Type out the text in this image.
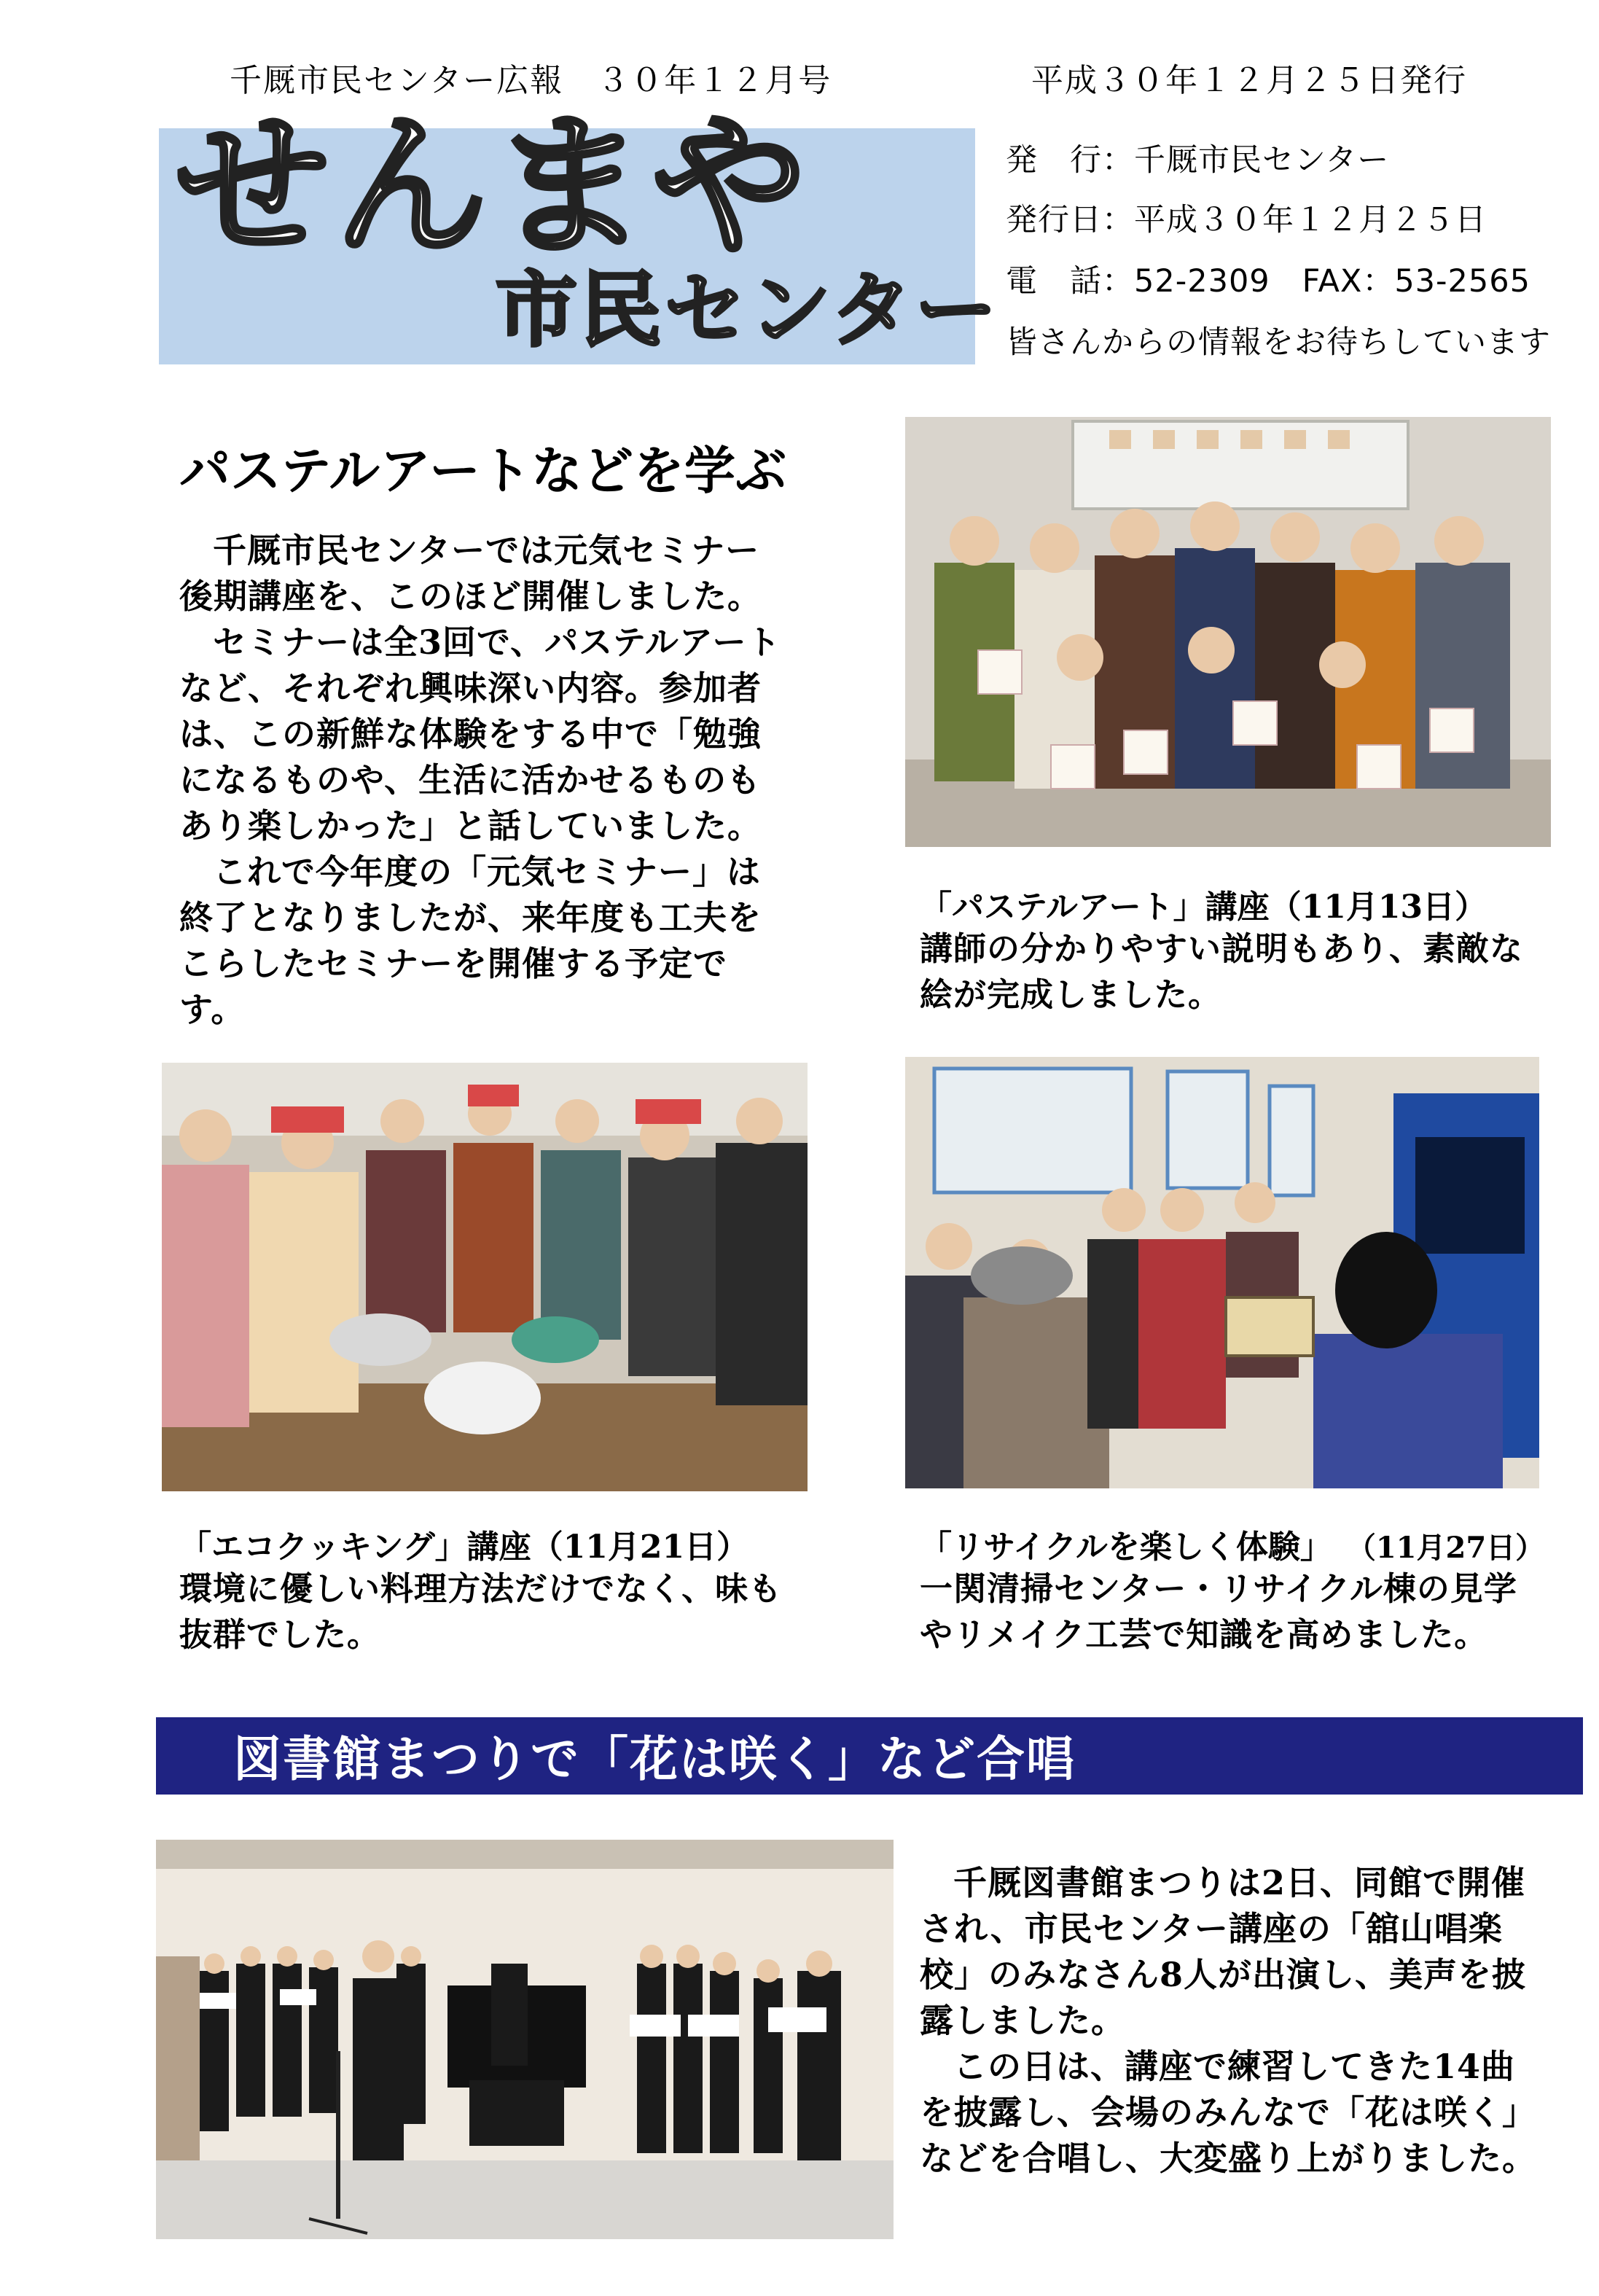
千厩市民センター広報　３０年１２月号	平成３０年１２月２５日発行
せんまや
市民センター
発　行：千厩市民センター
発行日：平成３０年１２月２５日
電　話：52-2309　FAX：53-2565
皆さんからの情報をお待ちしています
パステルアートなどを学ぶ

千厩市民センターでは元気セミナー後期講座を、このほど開催しました。

セミナーは全3回で、パステルアートなど、それぞれ興味深い内容。参加者は、この新鮮な体験をする中で「勉強になるものや、生活に活かせるものもあり楽しかった」と話していました。

これで今年度の「元気セミナー」は終了となりましたが、来年度も工夫をこらしたセミナーを開催する予定です。

「パステルアート」講座（11月13日）
講師の分かりやすい説明もあり、素敵な絵が完成しました。
「エコクッキング」講座（11月21日）
環境に優しい料理方法だけでなく、味も抜群でした。
「リサイクルを楽しく体験」 （11月27日）
一関清掃センター・リサイクル棟の見学やリメイク工芸で知識を高めました。
図書館まつりで「花は咲く」など合唱

千厩図書館まつりは2日、同館で開催され、市民センター講座の「舘山唱楽校」のみなさん8人が出演し、美声を披露しました。

この日は、講座で練習してきた14曲を披露し、会場のみんなで「花は咲く」などを合唱し、大変盛り上がりました。
